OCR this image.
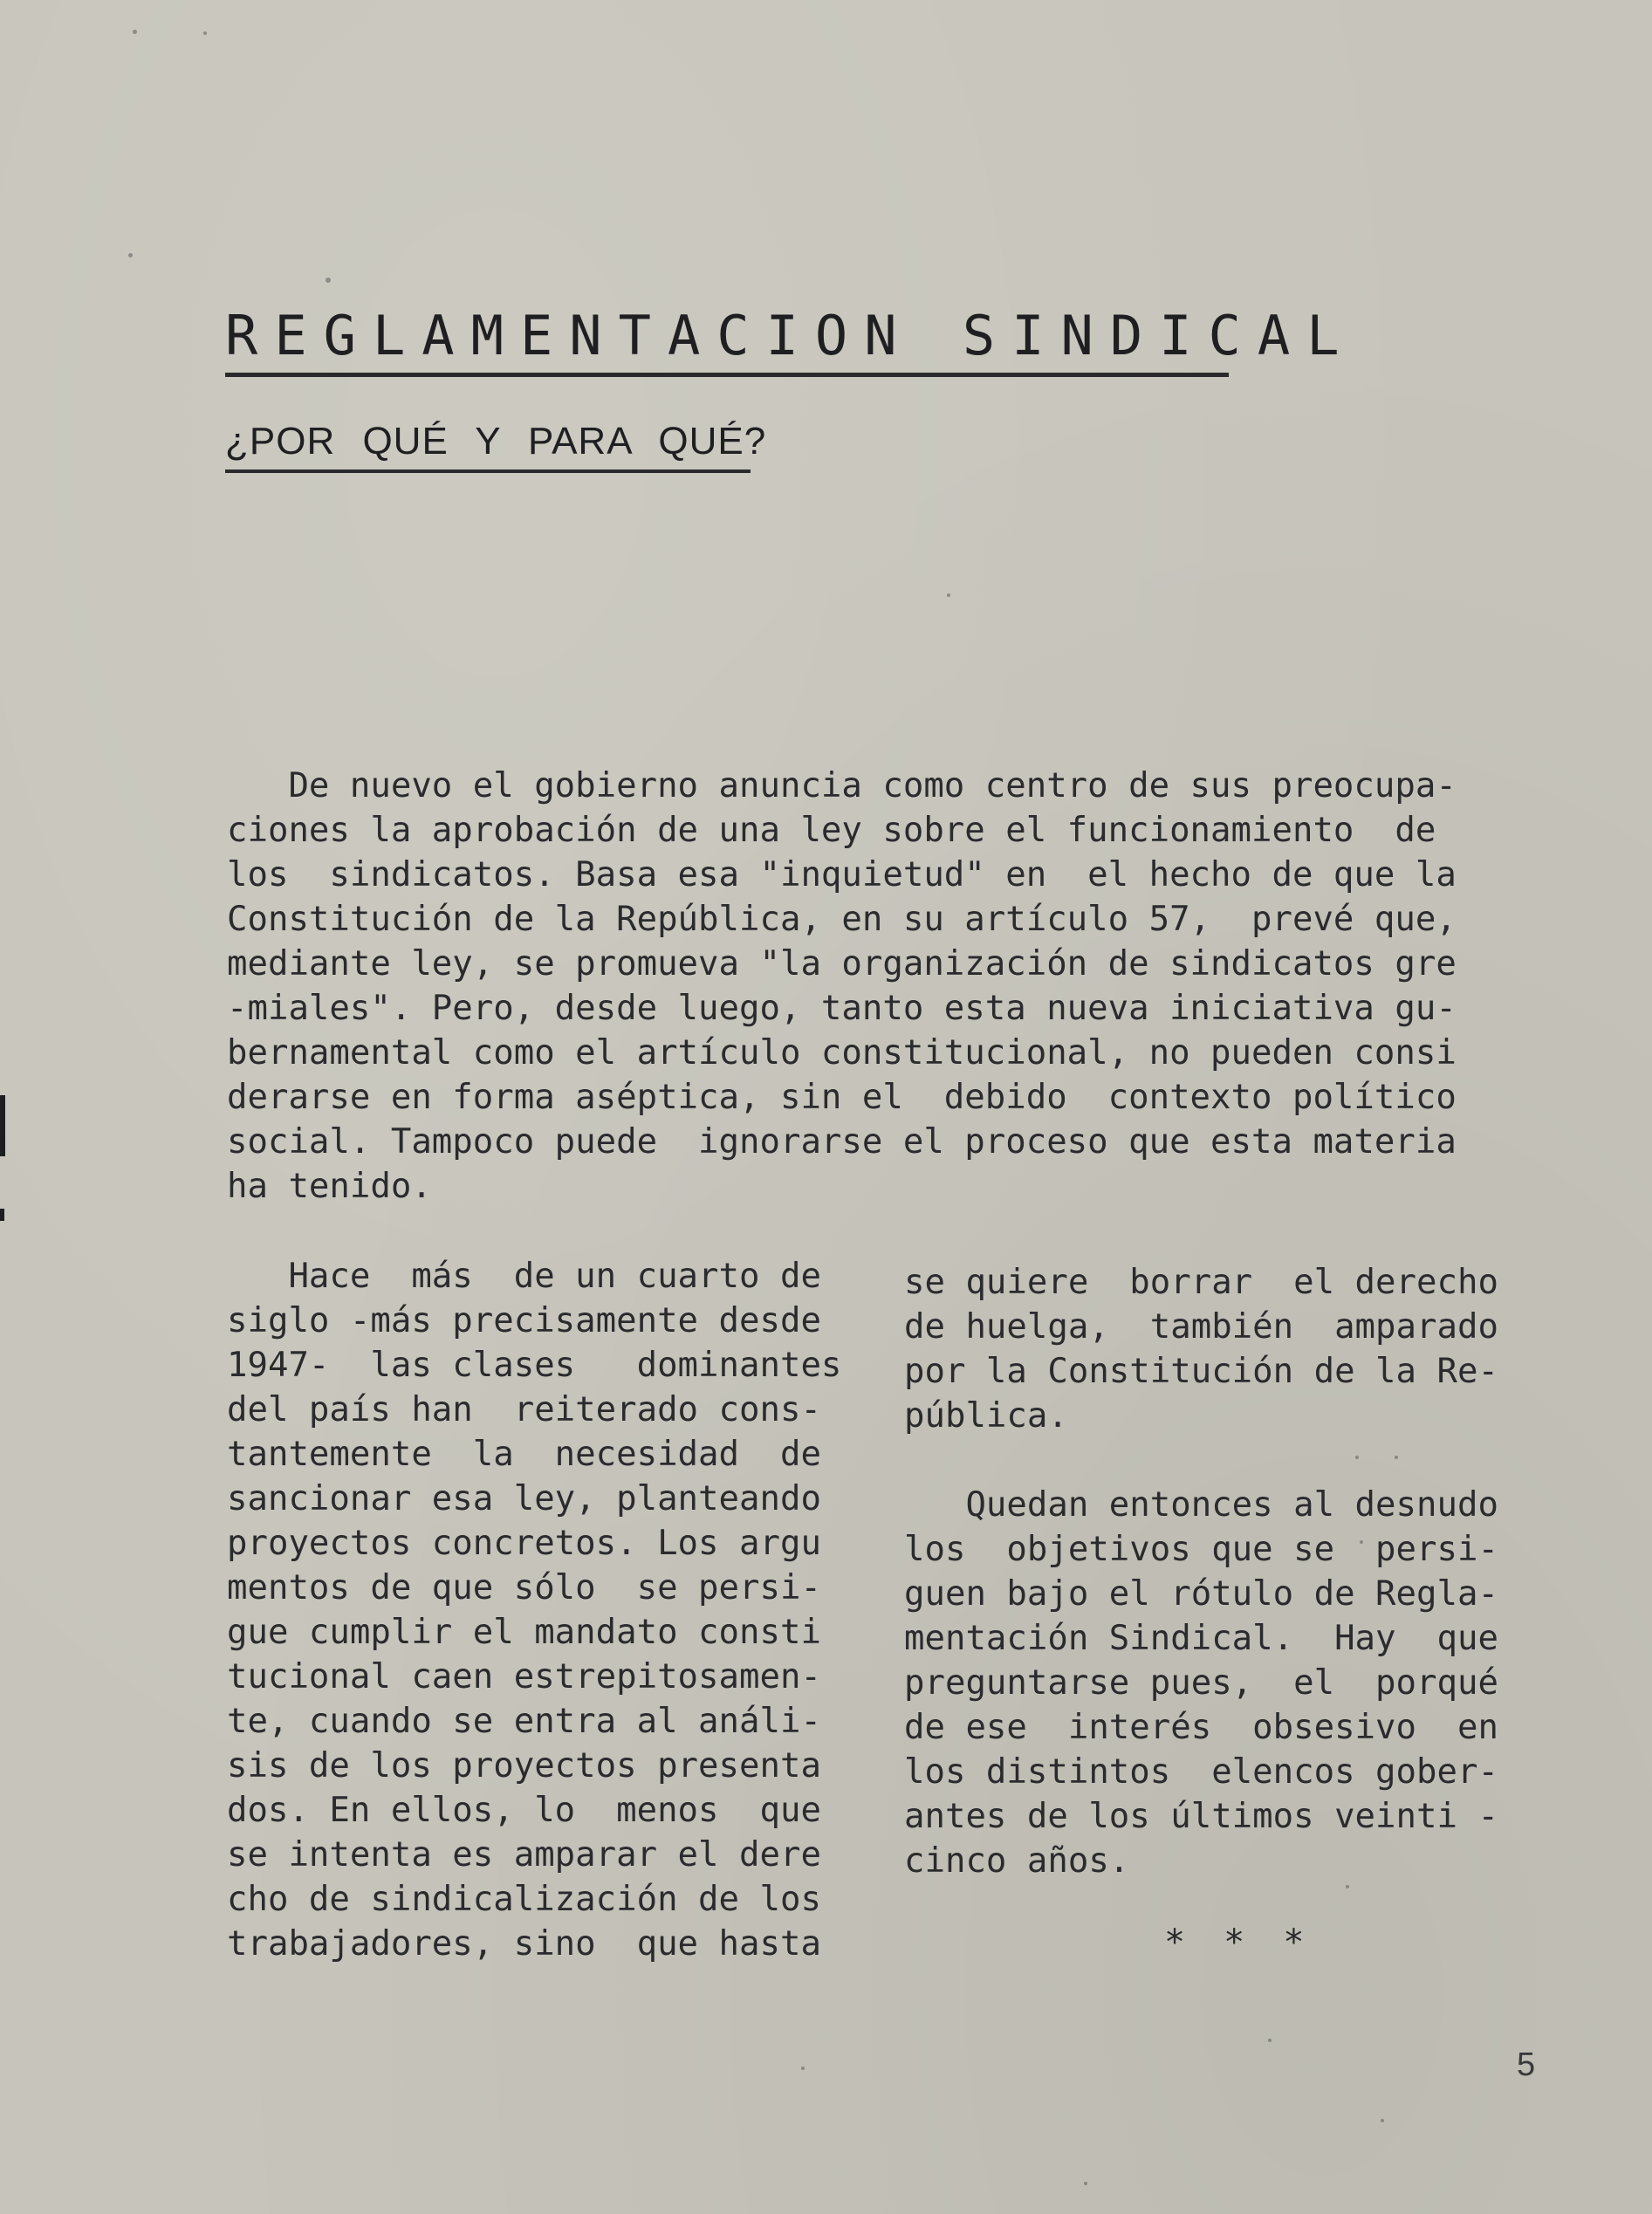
REGLAMENTACION SINDICAL
¿POR QUÉ Y PARA QUÉ?

De nuevo el gobierno anuncia como centro de sus preocupa-

ciones la aprobación de una ley sobre el funcionamiento  de

los  sindicatos. Basa esa "inquietud" en  el hecho de que la

Constitución de la República, en su artículo 57,  prevé que,

mediante ley, se promueva "la organización de sindicatos gre

-miales". Pero, desde luego, tanto esta nueva iniciativa gu-

bernamental como el artículo constitucional, no pueden consi

derarse en forma aséptica, sin el  debido  contexto político

social. Tampoco puede  ignorarse el proceso que esta materia

ha tenido.

Hace  más  de un cuarto de

siglo -más precisamente desde

1947-  las clases   dominantes

del país han  reiterado cons-

tantemente  la  necesidad  de

sancionar esa ley, planteando

proyectos concretos. Los argu

mentos de que sólo  se persi-

gue cumplir el mandato consti

tucional caen estrepitosamen-

te, cuando se entra al análi-

sis de los proyectos presenta

dos. En ellos, lo  menos  que

se intenta es amparar el dere

cho de sindicalización de los

trabajadores, sino  que hasta

se quiere  borrar  el derecho

de huelga,  también  amparado

por la Constitución de la Re-

pública.

Quedan entonces al desnudo

los  objetivos que se  persi-

guen bajo el rótulo de Regla-

mentación Sindical.  Hay  que

preguntarse pues,  el  porqué

de ese  interés  obsesivo  en

los distintos  elencos gober-

antes de los últimos veinti -

cinco años.

* * *
5
